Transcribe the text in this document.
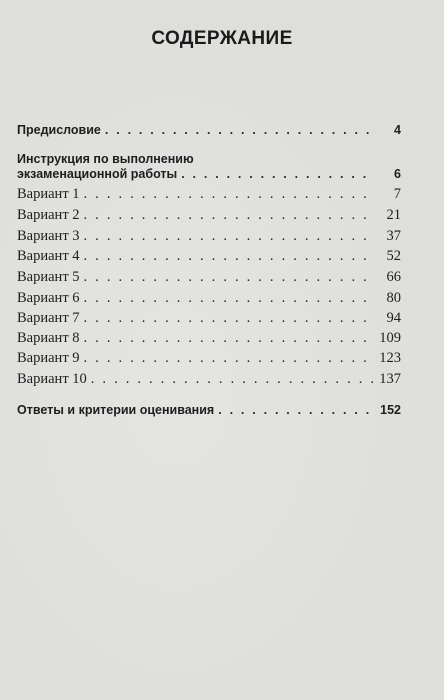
СОДЕРЖАНИЕ
Предисловие . . .	4
Инструкция по выполнению
экзаменационной работы . . .	6
Вариант 1 . . .	7
Вариант 2 . . .	21
Вариант 3 . . .	37
Вариант 4 . . .	52
Вариант 5 . . .	66
Вариант 6 . . .	80
Вариант 7 . . .	94
Вариант 8 . . .	109
Вариант 9 . . .	123
Вариант 10 . . .	137
Ответы и критерии оценивания . . .	152
